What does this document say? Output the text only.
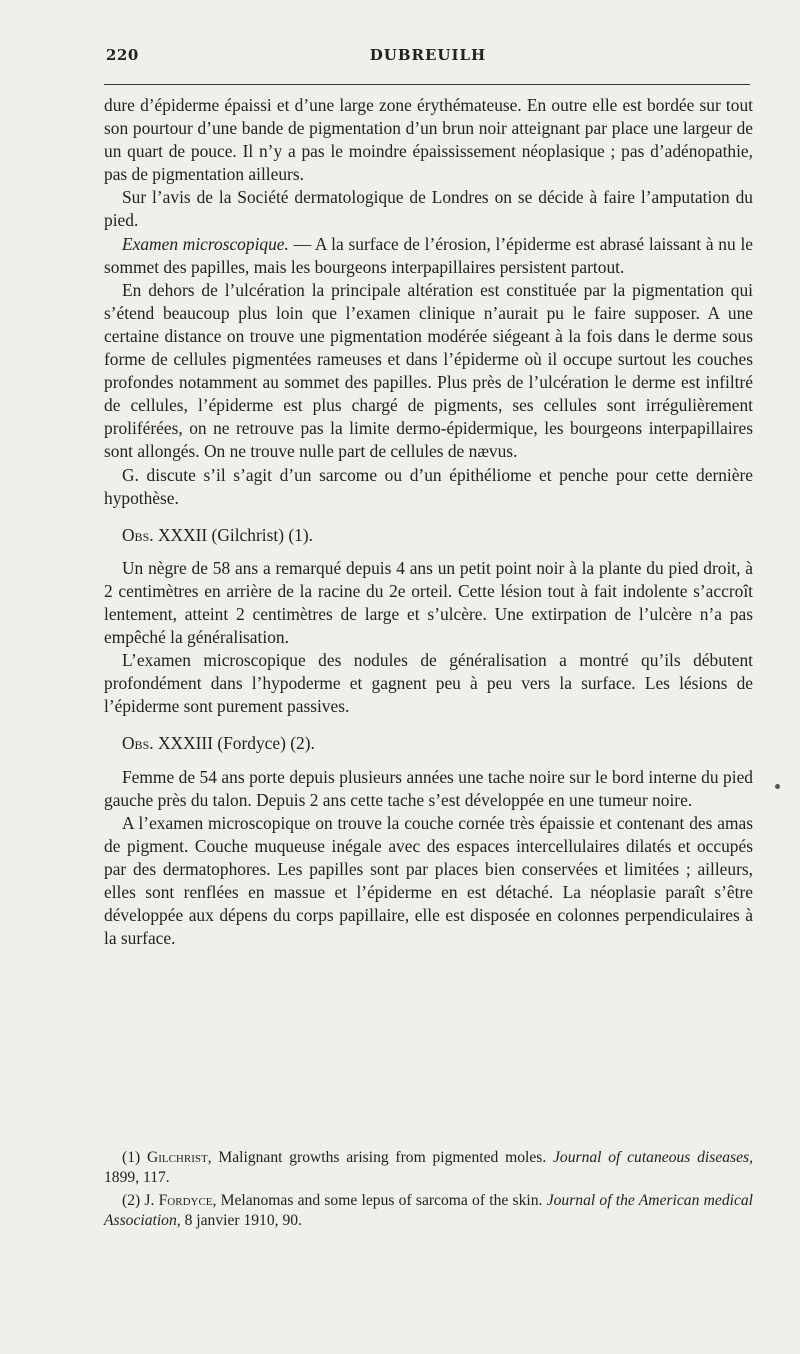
220	DUBREUILH

dure d’épiderme épaissi et d’une large zone érythémateuse. En outre elle est bordée sur tout son pourtour d’une bande de pigmentation d’un brun noir atteignant par place une largeur de un quart de pouce. Il n’y a pas le moindre épaississement néoplasique ; pas d’adénopathie, pas de pigmentation ailleurs.

Sur l’avis de la Société dermatologique de Londres on se décide à faire l’amputation du pied.

Examen microscopique. — A la surface de l’érosion, l’épiderme est abrasé laissant à nu le sommet des papilles, mais les bourgeons interpapillaires persistent partout.

En dehors de l’ulcération la principale altération est constituée par la pigmentation qui s’étend beaucoup plus loin que l’examen clinique n’aurait pu le faire supposer. A une certaine distance on trouve une pigmentation modérée siégeant à la fois dans le derme sous forme de cellules pigmentées rameuses et dans l’épiderme où il occupe surtout les couches profondes notamment au sommet des papilles. Plus près de l’ulcération le derme est infiltré de cellules, l’épiderme est plus chargé de pigments, ses cellules sont irrégulièrement proliférées, on ne retrouve pas la limite dermo-épidermique, les bourgeons interpapillaires sont allongés. On ne trouve nulle part de cellules de nævus.

G. discute s’il s’agit d’un sarcome ou d’un épithéliome et penche pour cette dernière hypothèse.

Obs. XXXII (Gilchrist) (1).

Un nègre de 58 ans a remarqué depuis 4 ans un petit point noir à la plante du pied droit, à 2 centimètres en arrière de la racine du 2e orteil. Cette lésion tout à fait indolente s’accroît lentement, atteint 2 centimètres de large et s’ulcère. Une extirpation de l’ulcère n’a pas empêché la généralisation.

L’examen microscopique des nodules de généralisation a montré qu’ils débutent profondément dans l’hypoderme et gagnent peu à peu vers la surface. Les lésions de l’épiderme sont purement passives.

Obs. XXXIII (Fordyce) (2).

Femme de 54 ans porte depuis plusieurs années une tache noire sur le bord interne du pied gauche près du talon. Depuis 2 ans cette tache s’est développée en une tumeur noire.

A l’examen microscopique on trouve la couche cornée très épaissie et contenant des amas de pigment. Couche muqueuse inégale avec des espaces intercellulaires dilatés et occupés par des dermatophores. Les papilles sont par places bien conservées et limitées ; ailleurs, elles sont renflées en massue et l’épiderme en est détaché. La néoplasie paraît s’être développée aux dépens du corps papillaire, elle est disposée en colonnes perpendiculaires à la surface.

(1) Gilchrist, Malignant growths arising from pigmented moles. Journal of cutaneous diseases, 1899, 117.

(2) J. Fordyce, Melanomas and some lepus of sarcoma of the skin. Journal of the American medical Association, 8 janvier 1910, 90.
